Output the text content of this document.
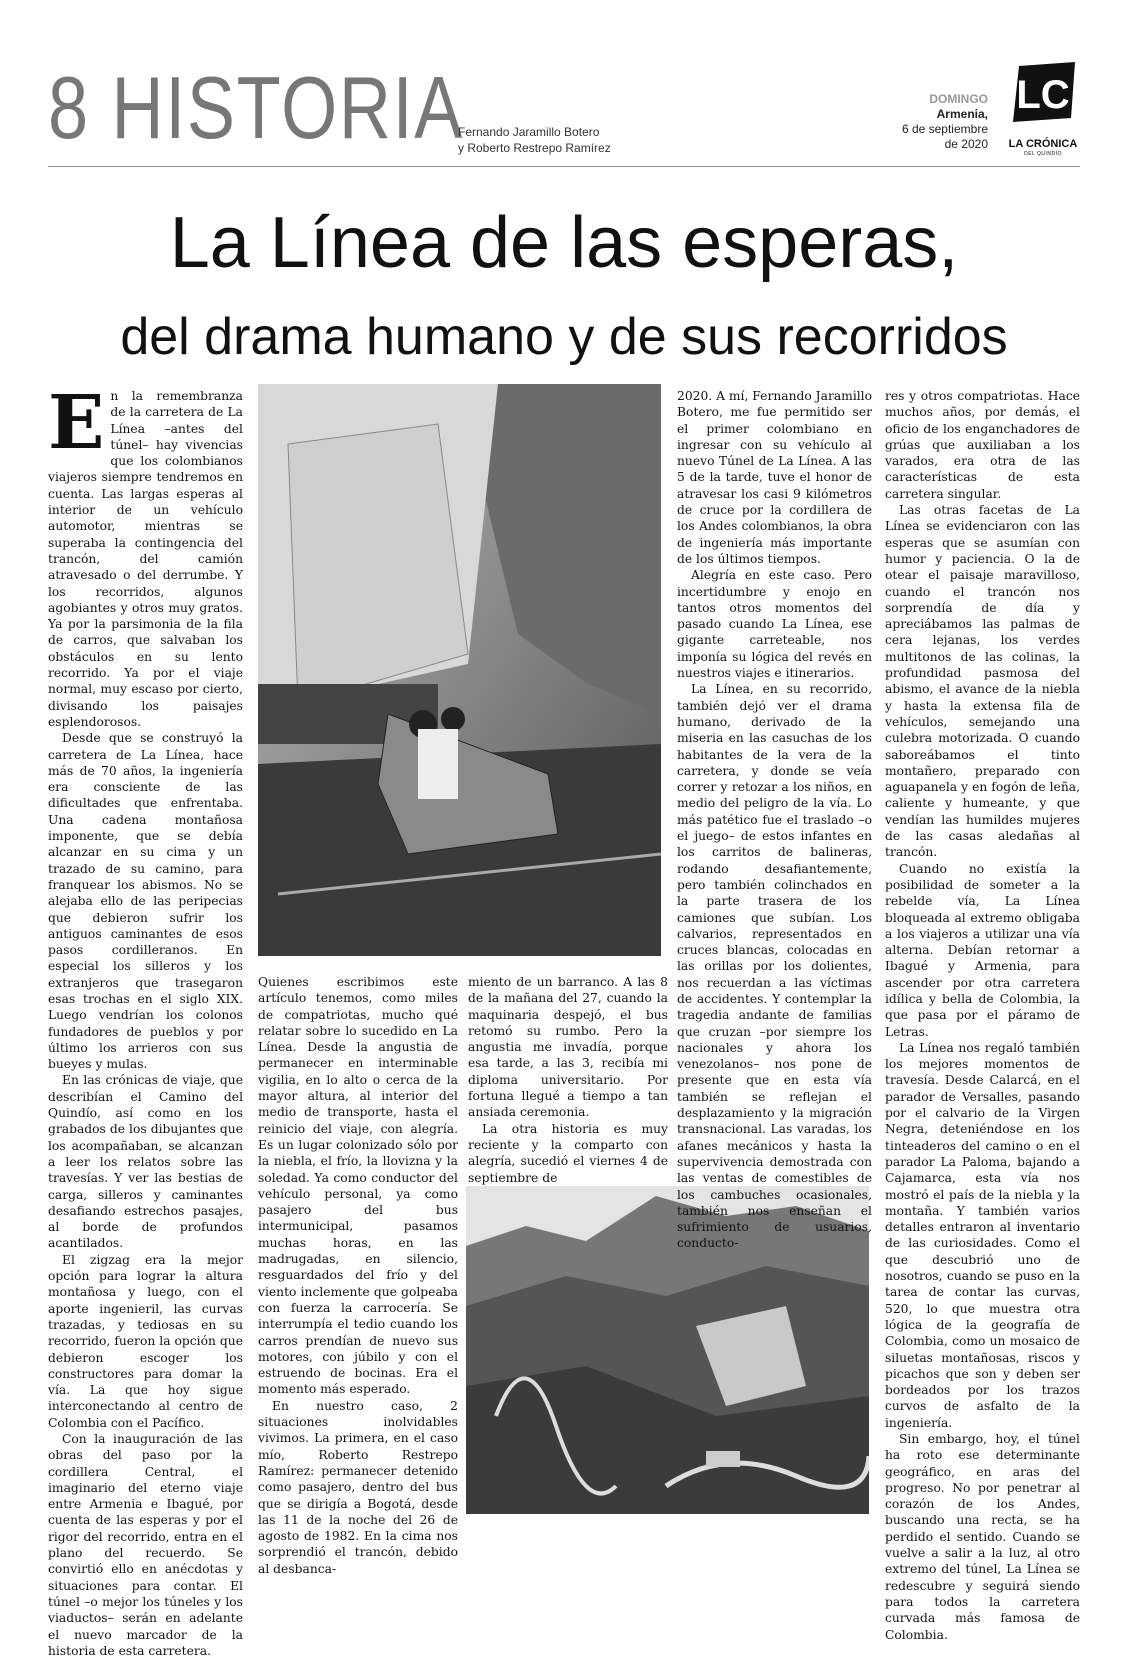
8 HISTORIA
Fernando Jaramillo Botero
y Roberto Restrepo Ramírez
DOMINGO
Armenia,
6 de septiembre
de 2020
LC
LA CRÓNICA
DEL QUINDÍO
La Línea de las esperas,
del drama humano y de sus recorridos

En la remembranza de la carretera de La Línea –antes del túnel– hay vivencias que los colombianos viajeros siempre tendremos en cuenta. Las largas esperas al interior de un vehículo automotor, mientras se superaba la contingencia del trancón, del camión atravesado o del derrumbe. Y los recorridos, algunos agobiantes y otros muy gratos. Ya por la parsimonia de la fila de carros, que salvaban los obstáculos en su lento recorrido. Ya por el viaje normal, muy escaso por cierto, divisando los paisajes esplendorosos.

Desde que se construyó la carretera de La Línea, hace más de 70 años, la ingeniería era consciente de las dificultades que enfrentaba. Una cadena montañosa imponente, que se debía alcanzar en su cima y un trazado de su camino, para franquear los abismos. No se alejaba ello de las peripecias que debieron sufrir los antiguos caminantes de esos pasos cordilleranos. En especial los silleros y los extranjeros que trasegaron esas trochas en el siglo XIX. Luego vendrían los colonos fundadores de pueblos y por último los arrieros con sus bueyes y mulas.

En las crónicas de viaje, que describían el Camino del Quindío, así como en los grabados de los dibujantes que los acompañaban, se alcanzan a leer los relatos sobre las travesías. Y ver las bestias de carga, silleros y caminantes desafiando estrechos pasajes, al borde de profundos acantilados.

El zigzag era la mejor opción para lograr la altura montañosa y luego, con el aporte ingenieril, las curvas trazadas, y tediosas en su recorrido, fueron la opción que debieron escoger los constructores para domar la vía. La que hoy sigue interconectando al centro de Colombia con el Pacífico.

Con la inauguración de las obras del paso por la cordillera Central, el imaginario del eterno viaje entre Armenia e Ibagué, por cuenta de las esperas y por el rigor del recorrido, entra en el plano del recuerdo. Se convirtió ello en anécdotas y situaciones para contar. El túnel –o mejor los túneles y los viaductos– serán en adelante el nuevo marcador de la historia de esta carretera.

Quienes escribimos este artículo tenemos, como miles de compatriotas, mucho qué relatar sobre lo sucedido en La Línea. Desde la angustia de permanecer en interminable vigilia, en lo alto o cerca de la mayor altura, al interior del medio de transporte, hasta el reinicio del viaje, con alegría. Es un lugar colonizado sólo por la niebla, el frío, la llovizna y la soledad. Ya como conductor del vehículo personal, ya como pasajero del bus intermunicipal, pasamos muchas horas, en las madrugadas, en silencio, resguardados del frío y del viento inclemente que golpeaba con fuerza la carrocería. Se interrumpía el tedio cuando los carros prendían de nuevo sus motores, con júbilo y con el estruendo de bocinas. Era el momento más esperado.

En nuestro caso, 2 situaciones inolvidables vivimos. La primera, en el caso mío, Roberto Restrepo Ramírez: permanecer detenido como pasajero, dentro del bus que se dirigía a Bogotá, desde las 11 de la noche del 26 de agosto de 1982. En la cima nos sorprendió el trancón, debido al desbanca-

miento de un barranco. A las 8 de la mañana del 27, cuando la maquinaria despejó, el bus retomó su rumbo. Pero la angustia me invadía, porque esa tarde, a las 3, recibía mi diploma universitario. Por fortuna llegué a tiempo a tan ansiada ceremonia.

La otra historia es muy reciente y la comparto con alegría, sucedió el viernes 4 de septiembre de

2020. A mí, Fernando Jaramillo Botero, me fue permitido ser el primer colombiano en ingresar con su vehículo al nuevo Túnel de La Línea. A las 5 de la tarde, tuve el honor de atravesar los casi 9 kilómetros de cruce por la cordillera de los Andes colombianos, la obra de ingeniería más importante de los últimos tiempos.

Alegría en este caso. Pero incertidumbre y enojo en tantos otros momentos del pasado cuando La Línea, ese gigante carreteable, nos imponía su lógica del revés en nuestros viajes e itinerarios.

La Línea, en su recorrido, también dejó ver el drama humano, derivado de la miseria en las casuchas de los habitantes de la vera de la carretera, y donde se veía correr y retozar a los niños, en medio del peligro de la vía. Lo más patético fue el traslado –o el juego– de estos infantes en los carritos de balineras, rodando desafiantemente, pero también colinchados en la parte trasera de los camiones que subían. Los calvarios, representados en cruces blancas, colocadas en las orillas por los dolientes, nos recuerdan a las víctimas de accidentes. Y contemplar la tragedia andante de familias que cruzan –por siempre los nacionales y ahora los venezolanos– nos pone de presente que en esta vía también se reflejan el desplazamiento y la migración transnacional. Las varadas, los afanes mecánicos y hasta la supervivencia demostrada con las ventas de comestibles de los cambuches ocasionales, también nos enseñan el sufrimiento de usuarios, conducto-

res y otros compatriotas. Hace muchos años, por demás, el oficio de los enganchadores de grúas que auxiliaban a los varados, era otra de las características de esta carretera singular.

Las otras facetas de La Línea se evidenciaron con las esperas que se asumían con humor y paciencia. O la de otear el paisaje maravilloso, cuando el trancón nos sorprendía de día y apreciábamos las palmas de cera lejanas, los verdes multitonos de las colinas, la profundidad pasmosa del abismo, el avance de la niebla y hasta la extensa fila de vehículos, semejando una culebra motorizada. O cuando saboreábamos el tinto montañero, preparado con aguapanela y en fogón de leña, caliente y humeante, y que vendían las humildes mujeres de las casas aledañas al trancón.

Cuando no existía la posibilidad de someter a la rebelde vía, La Línea bloqueada al extremo obligaba a los viajeros a utilizar una vía alterna. Debían retornar a Ibagué y Armenia, para ascender por otra carretera idílica y bella de Colombia, la que pasa por el páramo de Letras.

La Línea nos regaló también los mejores momentos de travesía. Desde Calarcá, en el parador de Versalles, pasando por el calvario de la Virgen Negra, deteniéndose en los tinteaderos del camino o en el parador La Paloma, bajando a Cajamarca, esta vía nos mostró el país de la niebla y la montaña. Y también varios detalles entraron al inventario de las curiosidades. Como el que descubrió uno de nosotros, cuando se puso en la tarea de contar las curvas, 520, lo que muestra otra lógica de la geografía de Colombia, como un mosaico de siluetas montañosas, riscos y picachos que son y deben ser bordeados por los trazos curvos de asfalto de la ingeniería.

Sin embargo, hoy, el túnel ha roto ese determinante geográfico, en aras del progreso. No por penetrar al corazón de los Andes, buscando una recta, se ha perdido el sentido. Cuando se vuelve a salir a la luz, al otro extremo del túnel, La Línea se redescubre y seguirá siendo para todos la carretera curvada más famosa de Colombia.
